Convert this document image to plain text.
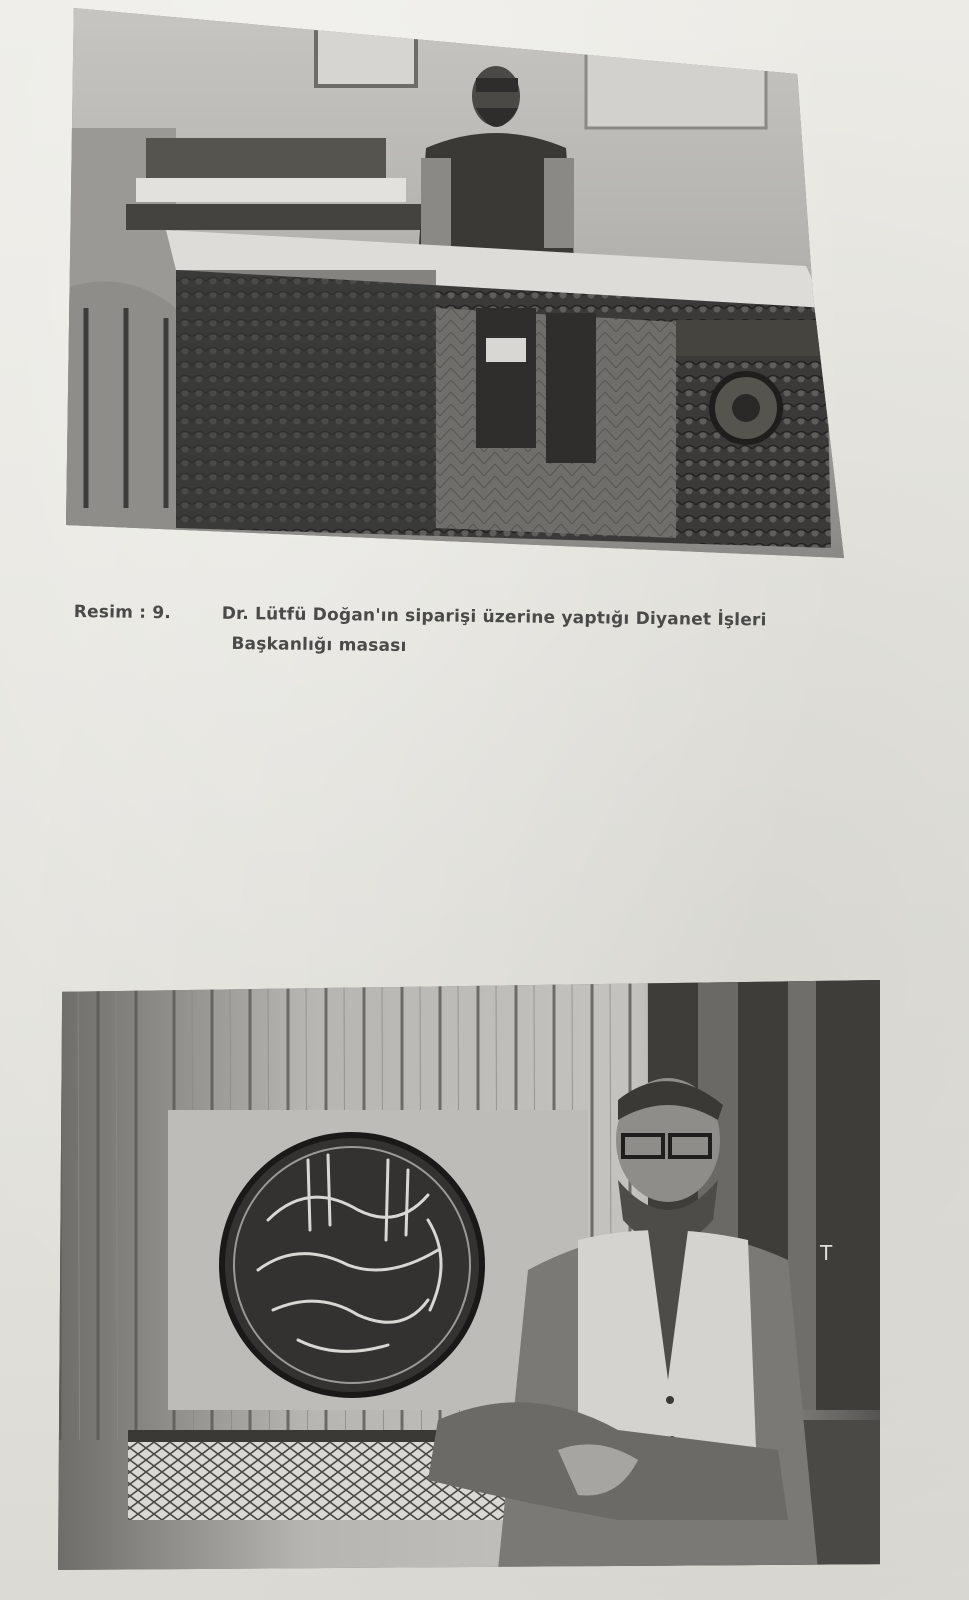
Resim : 9.	Dr. Lütfü Doğan'ın siparişi üzerine yaptığı Diyanet İşleri
Başkanlığı masası
T
